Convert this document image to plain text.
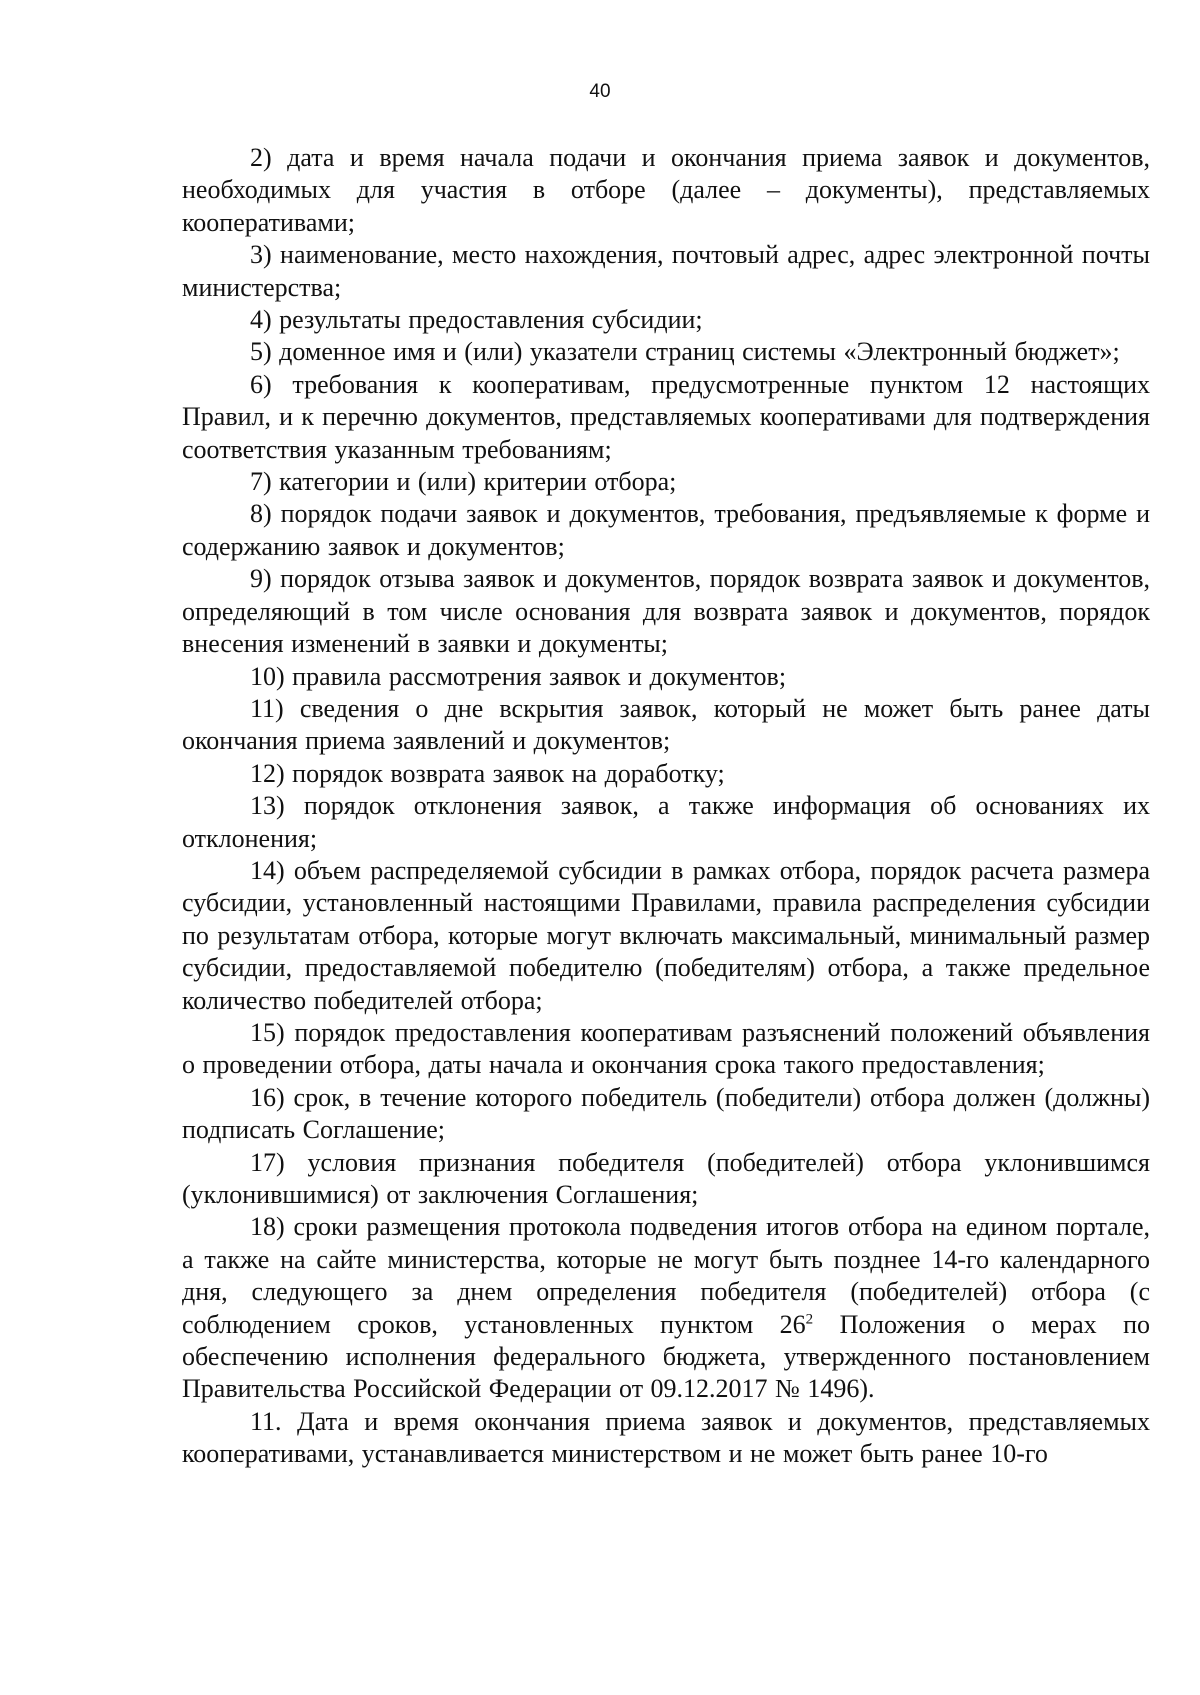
40

2) дата и время начала подачи и окончания приема заявок и документов, необходимых для участия в отборе (далее – документы), представляемых кооперативами;

3) наименование, место нахождения, почтовый адрес, адрес электронной почты министерства;

4) результаты предоставления субсидии;

5) доменное имя и (или) указатели страниц системы «Электронный бюджет»;

6) требования к кооперативам, предусмотренные пунктом 12 настоящих Правил, и к перечню документов, представляемых кооперативами для подтверждения соответствия указанным требованиям;

7) категории и (или) критерии отбора;

8) порядок подачи заявок и документов, требования, предъявляемые к форме и содержанию заявок и документов;

9) порядок отзыва заявок и документов, порядок возврата заявок и документов, определяющий в том числе основания для возврата заявок и документов, порядок внесения изменений в заявки и документы;

10) правила рассмотрения заявок и документов;

11) сведения о дне вскрытия заявок, который не может быть ранее даты окончания приема заявлений и документов;

12) порядок возврата заявок на доработку;

13) порядок отклонения заявок, а также информация об основаниях их отклонения;

14) объем распределяемой субсидии в рамках отбора, порядок расчета размера субсидии, установленный настоящими Правилами, правила распределения субсидии по результатам отбора, которые могут включать максимальный, минимальный размер субсидии, предоставляемой победителю (победителям) отбора, а также предельное количество победителей отбора;

15) порядок предоставления кооперативам разъяснений положений объявления о проведении отбора, даты начала и окончания срока такого предоставления;

16) срок, в течение которого победитель (победители) отбора должен (должны) подписать Соглашение;

17) условия признания победителя (победителей) отбора уклонившимся (уклонившимися) от заключения Соглашения;

18) сроки размещения протокола подведения итогов отбора на едином портале, а также на сайте министерства, которые не могут быть позднее 14-го календарного дня, следующего за днем определения победителя (победителей) отбора (с соблюдением сроков, установленных пунктом $26^2$ Положения о мерах по обеспечению исполнения федерального бюджета, утвержденного постановлением Правительства Российской Федерации от 09.12.2017 № 1496).

11. Дата и время окончания приема заявок и документов, представляемых кооперативами, устанавливается министерством и не может быть ранее 10-го
